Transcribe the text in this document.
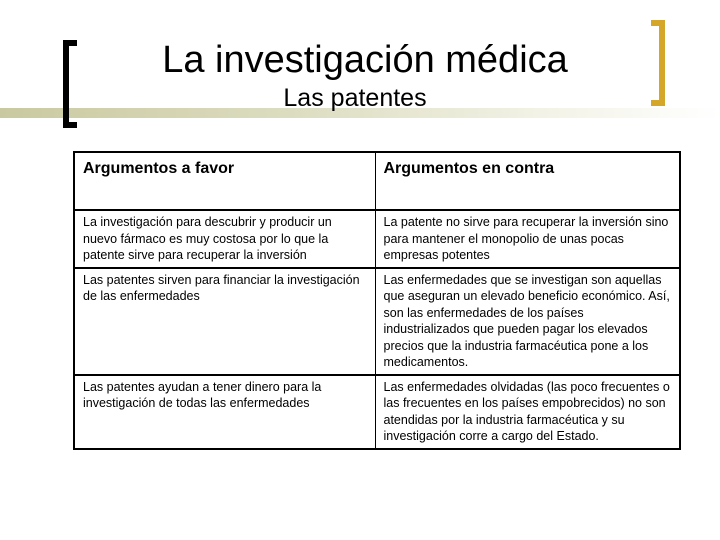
La investigación médica
Las patentes
Argumentos a favor	Argumentos en contra
La investigación para descubrir y producir un nuevo fármaco es muy costosa por lo que la patente sirve para recuperar la inversión	La patente no sirve para recuperar la inversión sino para mantener el monopolio de unas pocas empresas potentes
Las patentes sirven para financiar la investigación de las enfermedades	Las enfermedades que se investigan son aquellas que aseguran un elevado beneficio económico. Así, son las enfermedades de los países industrializados que pueden pagar los elevados precios que la industria farmacéutica pone a los medicamentos.
Las patentes ayudan a tener dinero para la investigación de todas las enfermedades	Las enfermedades olvidadas (las poco frecuentes o las frecuentes en los países empobrecidos) no son atendidas por la industria farmacéutica y su investigación corre a cargo del Estado.
